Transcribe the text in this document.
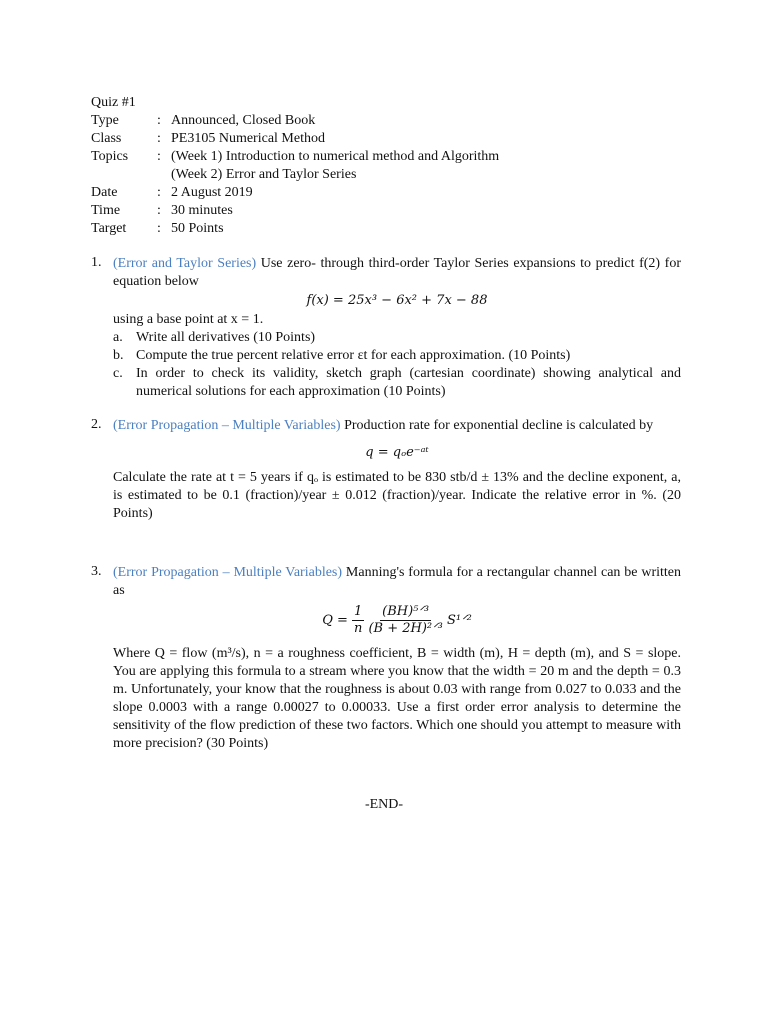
Quiz #1
Type	: Announced, Closed Book
Class	: PE3105 Numerical Method
Topics : (Week 1) Introduction to numerical method and Algorithm
(Week 2) Error and Taylor Series
Date	: 2 August 2019
Time	: 30 minutes
Target : 50 Points
1. (Error and Taylor Series) Use zero- through third-order Taylor Series expansions to predict f(2) for equation below
f(x) = 25x³ − 6x² + 7x − 88
using a base point at x = 1.
a. Write all derivatives (10 Points)
b. Compute the true percent relative error εt for each approximation. (10 Points)
c. In order to check its validity, sketch graph (cartesian coordinate) showing analytical and numerical solutions for each approximation (10 Points)
2. (Error Propagation – Multiple Variables) Production rate for exponential decline is calculated by
q = qₒe⁻ᵃᵗ
Calculate the rate at t = 5 years if qₒ is estimated to be 830 stb/d ± 13% and the decline exponent, a, is estimated to be 0.1 (fraction)/year ± 0.012 (fraction)/year. Indicate the relative error in %. (20 Points)
3. (Error Propagation – Multiple Variables) Manning's formula for a rectangular channel can be written as
$Q = \frac{1}{n}$
$\frac{\text{(BH)⁵ᐟ³}}{\text{(B + 2H)²ᐟ³}}$ S¹ᐟ²
Where Q = flow (m³/s), n = a roughness coefficient, B = width (m), H = depth (m), and S = slope. You are applying this formula to a stream where you know that the width = 20 m and the depth = 0.3 m. Unfortunately, your know that the roughness is about 0.03 with range from 0.027 to 0.033 and the slope 0.0003 with a range 0.00027 to 0.00033. Use a first order error analysis to determine the sensitivity of the flow prediction of these two factors. Which one should you attempt to measure with more precision? (30 Points)
-END-
